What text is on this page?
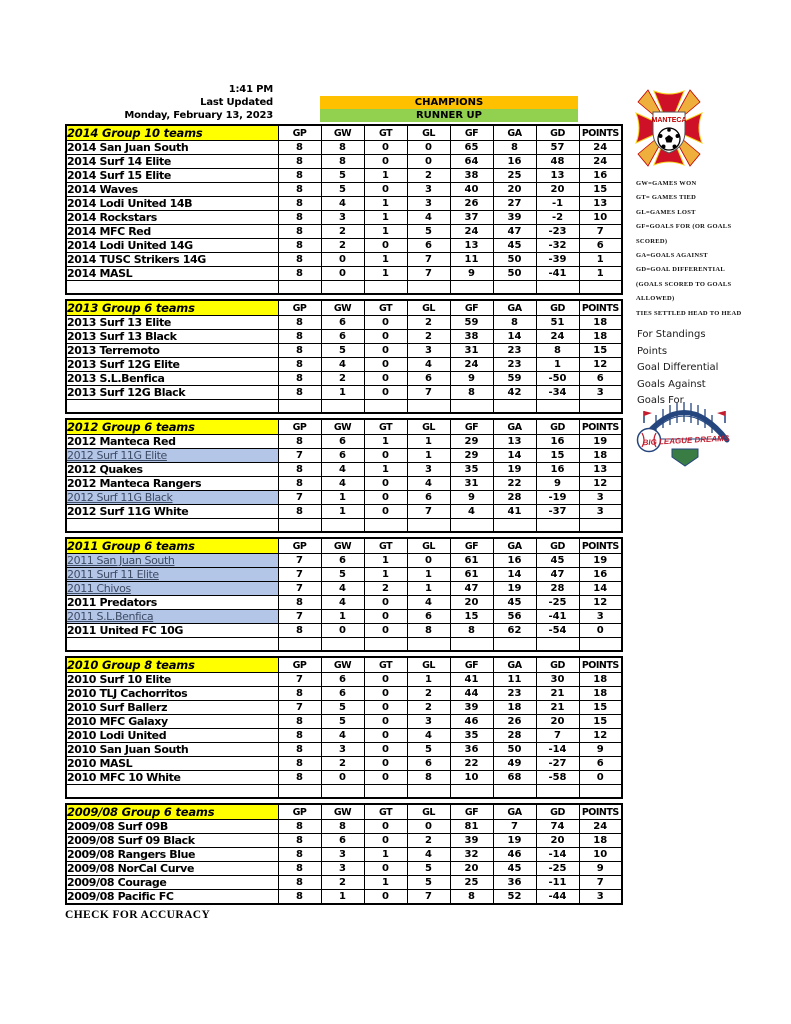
1:41 PM
Last Updated
Monday, February 13, 2023
CHAMPIONS
RUNNER UP	MANTECA
GW=GAMES WON
GT= GAMES TIED
GL=GAMES LOST
GF=GOALS FOR (OR GOALS
SCORED)
GA=GOALS AGAINST
GD=GOAL DIFFERENTIAL
(GOALS SCORED TO GOALS
ALLOWED)
TIES SETTLED HEAD TO HEAD
For Standings
Points
Goal Differential
Goals Against
Goals For
BIG LEAGUE DREAMS
2014 Group 10 teams	GP	GW	GT	GL	GF	GA	GD	POINTS
2014 San Juan South	8	8	0	0	65	8	57	24
2014 Surf 14 Elite	8	8	0	0	64	16	48	24
2014 Surf 15 Elite	8	5	1	2	38	25	13	16
2014 Waves	8	5	0	3	40	20	20	15
2014 Lodi United 14B	8	4	1	3	26	27	-1	13
2014 Rockstars	8	3	1	4	37	39	-2	10
2014 MFC Red	8	2	1	5	24	47	-23	7
2014 Lodi United 14G	8	2	0	6	13	45	-32	6
2014 TUSC Strikers 14G	8	0	1	7	11	50	-39	1
2014 MASL	8	0	1	7	9	50	-41	1

2013 Group 6 teams	GP	GW	GT	GL	GF	GA	GD	POINTS
2013 Surf 13 Elite	8	6	0	2	59	8	51	18
2013 Surf 13 Black	8	6	0	2	38	14	24	18
2013 Terremoto	8	5	0	3	31	23	8	15
2013 Surf 12G Elite	8	4	0	4	24	23	1	12
2013 S.L.Benfica	8	2	0	6	9	59	-50	6
2013 Surf 12G Black	8	1	0	7	8	42	-34	3

2012 Group 6 teams	GP	GW	GT	GL	GF	GA	GD	POINTS
2012 Manteca Red	8	6	1	1	29	13	16	19
2012 Surf 11G Elite	7	6	0	1	29	14	15	18
2012 Quakes	8	4	1	3	35	19	16	13
2012 Manteca Rangers	8	4	0	4	31	22	9	12
2012 Surf 11G Black	7	1	0	6	9	28	-19	3
2012 Surf 11G White	8	1	0	7	4	41	-37	3

2011 Group 6 teams	GP	GW	GT	GL	GF	GA	GD	POINTS
2011 San Juan South	7	6	1	0	61	16	45	19
2011 Surf 11 Elite	7	5	1	1	61	14	47	16
2011 Chivos	7	4	2	1	47	19	28	14
2011 Predators	8	4	0	4	20	45	-25	12
2011 S.L.Benfica	7	1	0	6	15	56	-41	3
2011 United FC 10G	8	0	0	8	8	62	-54	0

2010 Group 8 teams	GP	GW	GT	GL	GF	GA	GD	POINTS
2010 Surf 10 Elite	7	6	0	1	41	11	30	18
2010 TLJ Cachorritos	8	6	0	2	44	23	21	18
2010 Surf Ballerz	7	5	0	2	39	18	21	15
2010 MFC Galaxy	8	5	0	3	46	26	20	15
2010 Lodi United	8	4	0	4	35	28	7	12
2010 San Juan South	8	3	0	5	36	50	-14	9
2010 MASL	8	2	0	6	22	49	-27	6
2010 MFC 10 White	8	0	0	8	10	68	-58	0

2009/08 Group 6 teams	GP	GW	GT	GL	GF	GA	GD	POINTS
2009/08 Surf 09B	8	8	0	0	81	7	74	24
2009/08 Surf 09 Black	8	6	0	2	39	19	20	18
2009/08 Rangers Blue	8	3	1	4	32	46	-14	10
2009/08 NorCal Curve	8	3	0	5	20	45	-25	9
2009/08 Courage	8	2	1	5	25	36	-11	7
2009/08 Pacific FC	8	1	0	7	8	52	-44	3
CHECK FOR ACCURACY
